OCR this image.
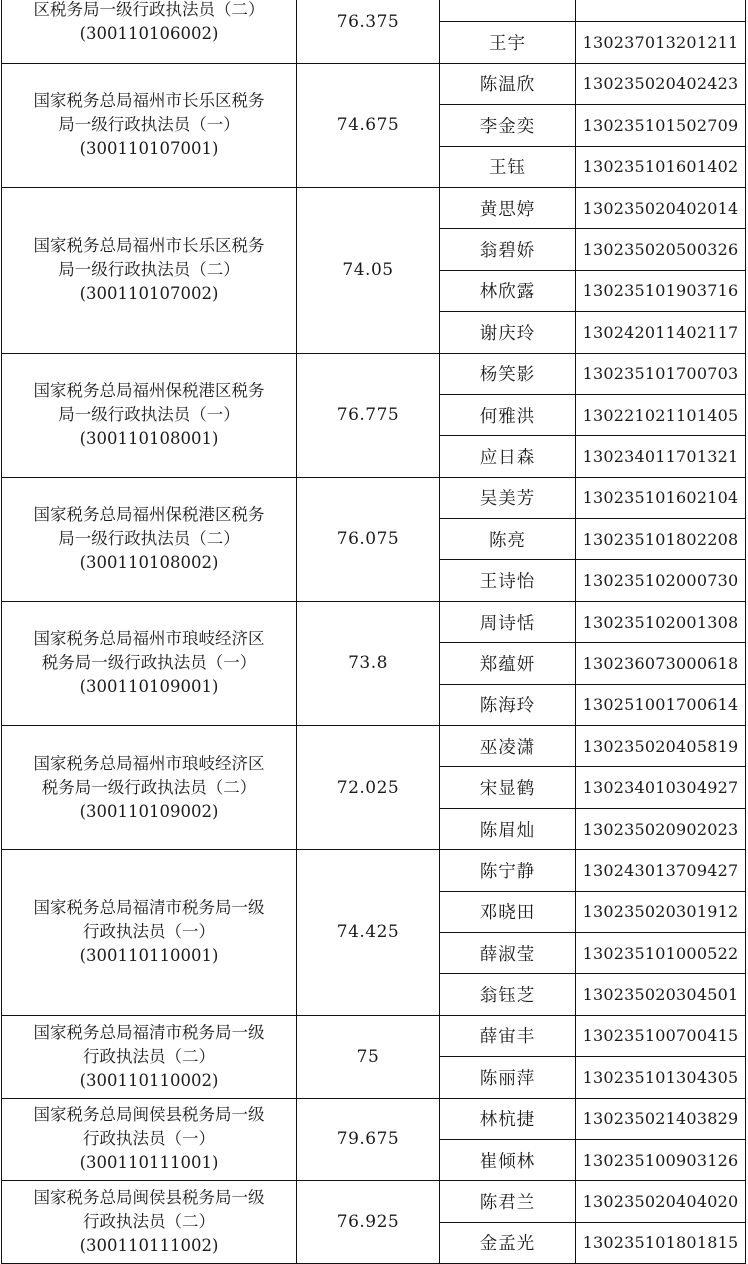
区税务局一级行政执法员（二）
(300110106002)	76.375		
		王宇	130237013201211

国家税务总局福州市长乐区税务
局一级行政执法员（一）
(300110107001)	74.675	陈温欣	130235020402423
		李金奕	130235101502709
		王钰	130235101601402

国家税务总局福州市长乐区税务
局一级行政执法员（二）
(300110107002)	74.05	黄思婷	130235020402014
		翁碧娇	130235020500326
		林欣露	130235101903716
		谢庆玲	130242011402117

国家税务总局福州保税港区税务
局一级行政执法员（一）
(300110108001)	76.775	杨笑影	130235101700703
		何雅洪	130221021101405
		应日森	130234011701321

国家税务总局福州保税港区税务
局一级行政执法员（二）
(300110108002)	76.075	吴美芳	130235101602104
		陈亮	130235101802208
		王诗怡	130235102000730

国家税务总局福州市琅岐经济区
税务局一级行政执法员（一）
(300110109001)	73.8	周诗恬	130235102001308
		郑蕴妍	130236073000618
		陈海玲	130251001700614

国家税务总局福州市琅岐经济区
税务局一级行政执法员（二）
(300110109002)	72.025	巫凌潇	130235020405819
		宋显鹤	130234010304927
		陈眉灿	130235020902023

国家税务总局福清市税务局一级
行政执法员（一）
(300110110001)	74.425	陈宁静	130243013709427
		邓晓田	130235020301912
		薛淑莹	130235101000522
		翁钰芝	130235020304501

国家税务总局福清市税务局一级
行政执法员（二）
(300110110002)	75	薛宙丰	130235100700415
		陈丽萍	130235101304305

国家税务总局闽侯县税务局一级
行政执法员（一）
(300110111001)	79.675	林杭捷	130235021403829
		崔倾林	130235100903126

国家税务总局闽侯县税务局一级
行政执法员（二）
(300110111002)	76.925	陈君兰	130235020404020
		金孟光	130235101801815
